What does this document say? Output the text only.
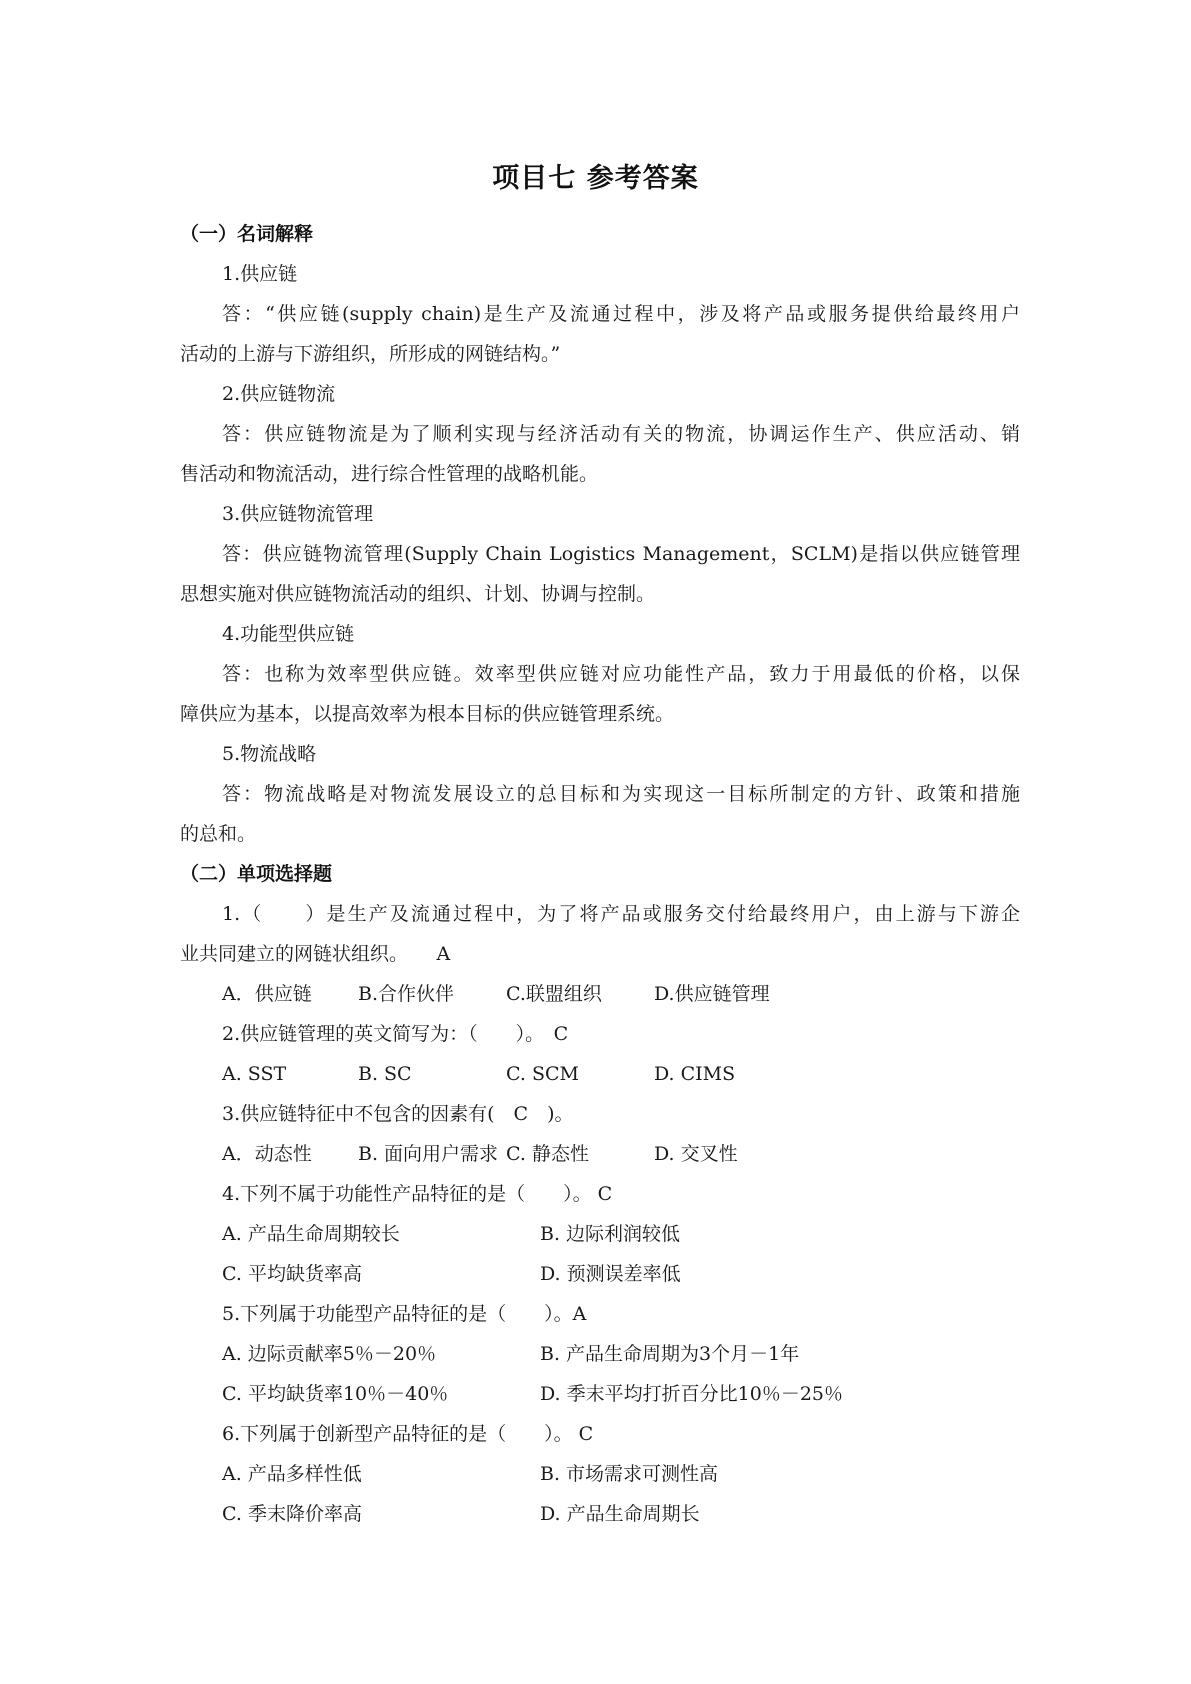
项目七 参考答案
（一）名词解释
1.供应链
答：“供应链(supply chain)是生产及流通过程中，涉及将产品或服务提供给最终用户
活动的上游与下游组织，所形成的网链结构。”
2.供应链物流
答：供应链物流是为了顺利实现与经济活动有关的物流，协调运作生产、供应活动、销
售活动和物流活动，进行综合性管理的战略机能。
3.供应链物流管理
答：供应链物流管理(Supply Chain Logistics Management，SCLM)是指以供应链管理
思想实施对供应链物流活动的组织、计划、协调与控制。
4.功能型供应链
答：也称为效率型供应链。效率型供应链对应功能性产品，致力于用最低的价格，以保
障供应为基本，以提高效率为根本目标的供应链管理系统。
5.物流战略
答：物流战略是对物流发展设立的总目标和为实现这一目标所制定的方针、政策和措施
的总和。
（二）单项选择题
1.（　　）是生产及流通过程中，为了将产品或服务交付给最终用户，由上游与下游企
业共同建立的网链状组织。　　A
A．供应链	B.合作伙伴	C.联盟组织	D.供应链管理
2.供应链管理的英文简写为：（　　）。　C
A. SST	B. SC	C. SCM	D. CIMS
3.供应链特征中不包含的因素有(　C　)。
A．动态性	B. 面向用户需求 C. 静态性	D. 交叉性
4.下列不属于功能性产品特征的是（　　）。 C
A. 产品生命周期较长	B. 边际利润较低
C. 平均缺货率高	D. 预测误差率低
5.下列属于功能型产品特征的是（　　）。A
A. 边际贡献率5％－20％	B. 产品生命周期为3个月－1年
C. 平均缺货率10％－40％	D. 季末平均打折百分比10％－25％
6.下列属于创新型产品特征的是（　　）。 C
A. 产品多样性低	B. 市场需求可测性高
C. 季末降价率高	D. 产品生命周期长
